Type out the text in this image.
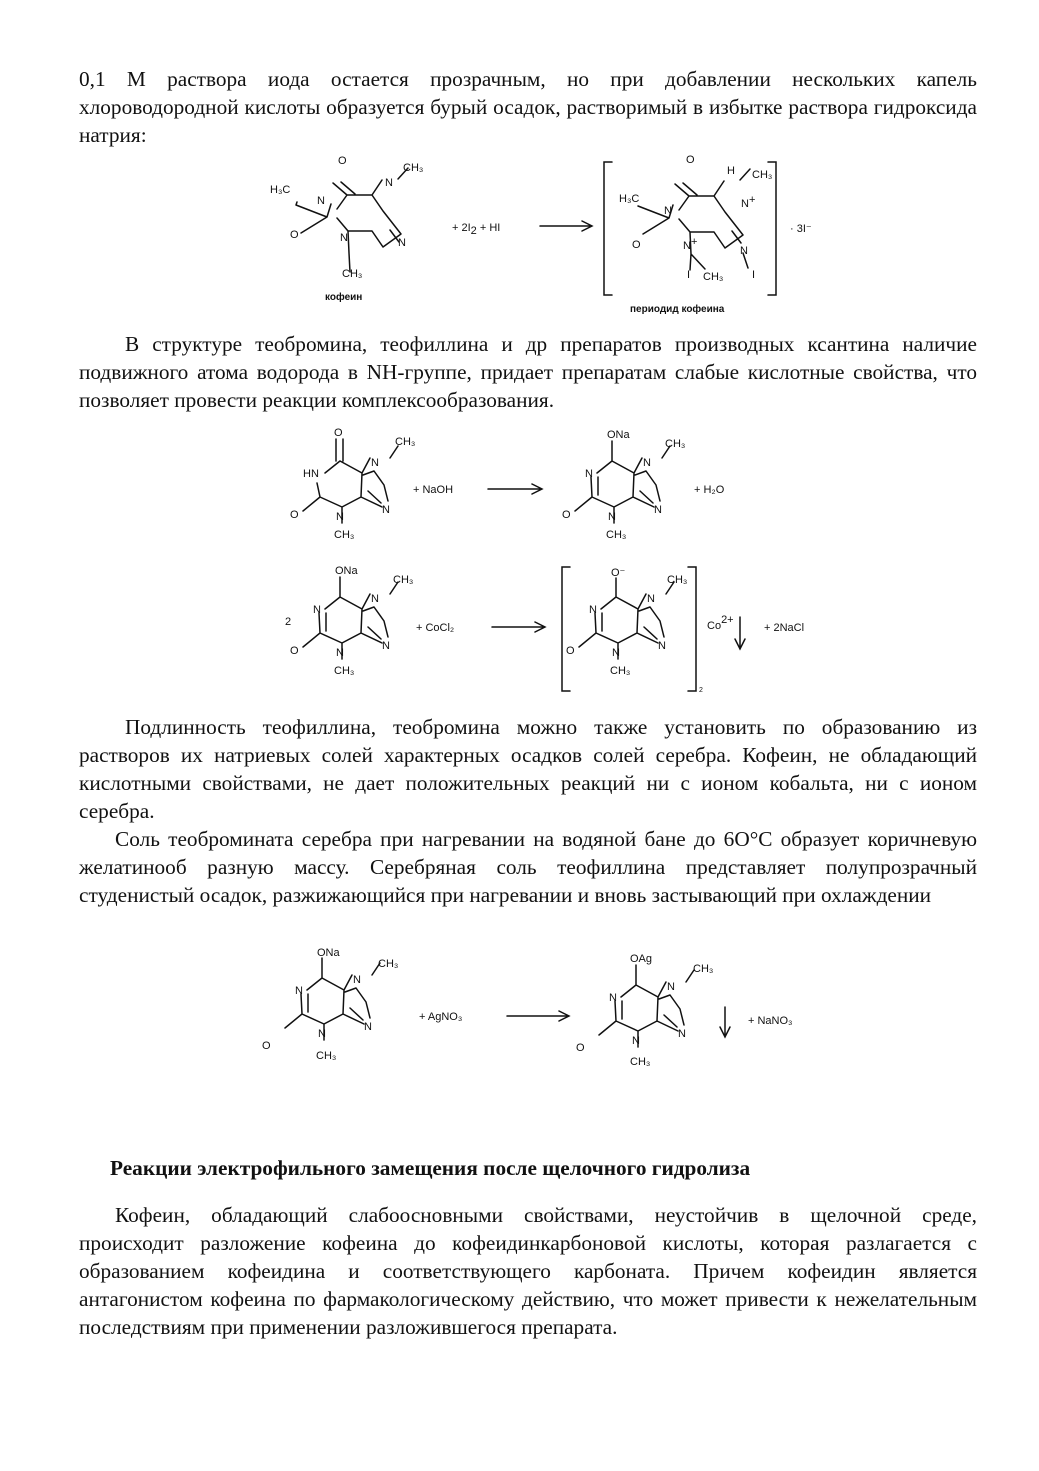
0,1 М раствора иода остается прозрачным, но при добавлении нескольких капель хлороводородной кислоты образуется бурый осадок, растворимый в избытке раствора гидроксида натрия:

O
N
CH₃
H₃C
N
N
N
O
CH₃
кофеин
+ 2I2 + HI
O
H
N+
CH₃
H₃C
N
N
N+
O
I CH₃	I
· 3I⁻
периодид кофеина

В структуре теобромина, теофиллина и др препаратов производных ксантина наличие подвижного атома водорода в NH-группе, придает препаратам слабые кислотные свойства, что позволяет провести реакции комплексообразования.

O
N
CH₃
HN
N
N
O
CH₃
+ NaOH
ONa
N
CH₃
N
N
N
O
CH₃
+ H₂O
2
ONa
N
CH₃
N
N
N
O
CH₃
+ CoCl₂
2
O⁻
N
CH₃
N
N
N
O
CH₃
Co2+
+ 2NaCl

Подлинность теофиллина, теобромина можно также установить по образованию из растворов их натриевых солей характерных осадков солей серебра. Кофеин, не обладающий кислотными свойствами, не дает положительных реакций ни с ионом кобальта, ни с ионом серебра.

Соль теобромината серебра при нагревании на водяной бане до 6О°С образует коричневую желатинооб разную массу. Серебряная соль теофиллина представляет полупрозрачный студенистый осадок, разжижающийся при нагревании и вновь застывающий при охлаждении

ONa
N
CH₃
N
N
N
O
CH₃
+ AgNO₃
OAg
N
CH₃
N
N
N
O
CH₃
+ NaNO₃
Реакции электрофильного замещения после щелочного гидролиза

Кофеин, обладающий слабоосновными свойствами, неустойчив в щелочной среде, происходит разложение кофеина до кофеидинкарбоновой кислоты, которая разлагается с образованием кофеидина и соответствующего карбоната. Причем кофеидин является антагонистом кофеина по фармакологическому действию, что может привести к нежелательным последствиям при применении разложившегося препарата.
